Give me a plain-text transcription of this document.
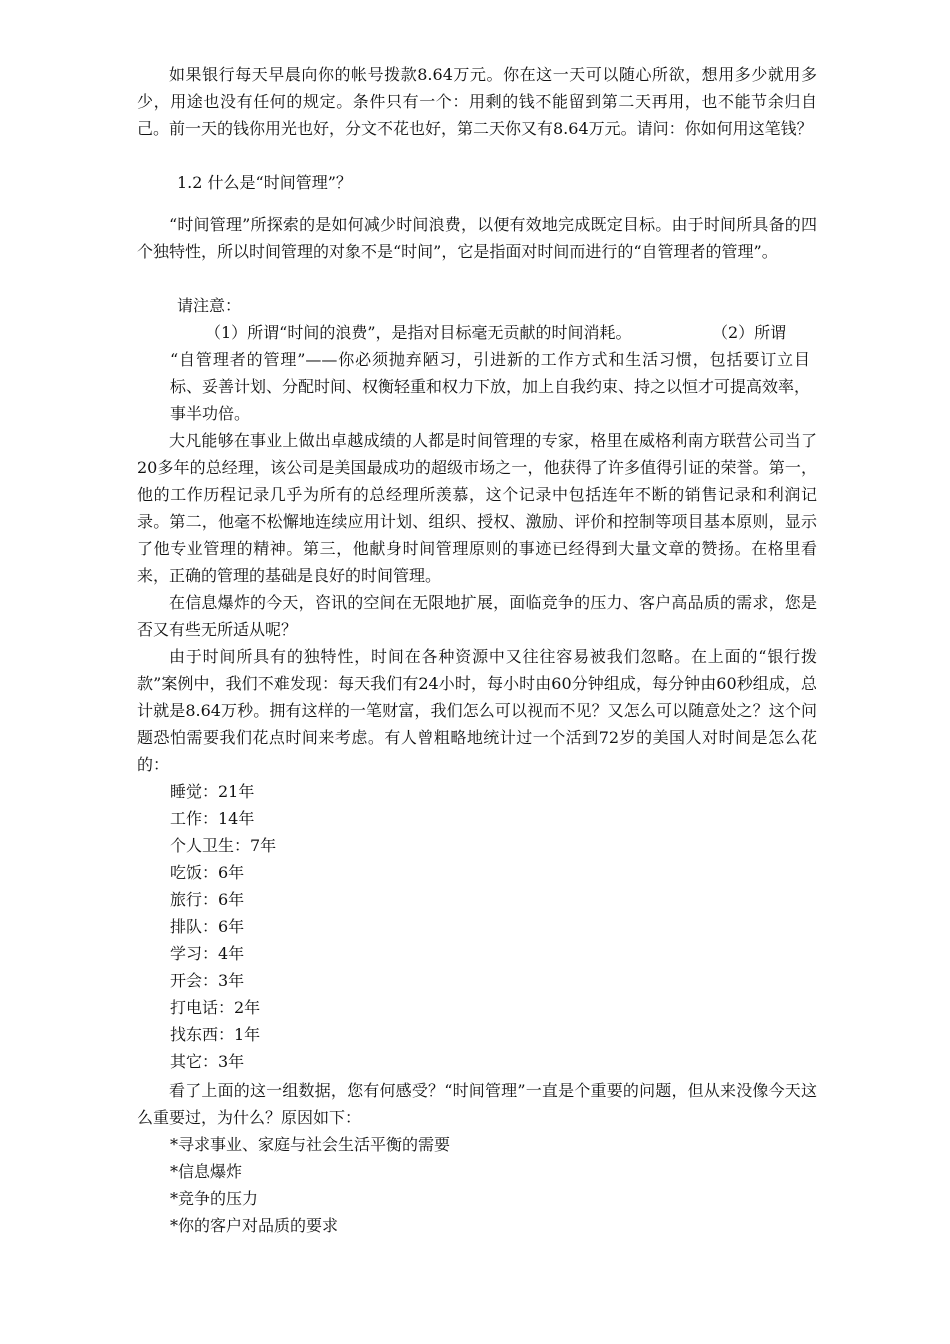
如果银行每天早晨向你的帐号拨款8.64万元。你在这一天可以随心所欲，想用多少就用多少，用途也没有任何的规定。条件只有一个：用剩的钱不能留到第二天再用，也不能节余归自己。前一天的钱你用光也好，分文不花也好，第二天你又有8.64万元。请问：你如何用这笔钱？

1.2 什么是“时间管理”？

“时间管理”所探索的是如何减少时间浪费，以便有效地完成既定目标。由于时间所具备的四个独特性，所以时间管理的对象不是“时间”，它是指面对时间而进行的“自管理者的管理”。

请注意：

（1）所谓“时间的浪费”，是指对目标毫无贡献的时间消耗。	（2）所谓

“自管理者的管理”——你必须抛弃陋习，引进新的工作方式和生活习惯，包括要订立目标、妥善计划、分配时间、权衡轻重和权力下放，加上自我约束、持之以恒才可提高效率，事半功倍。

大凡能够在事业上做出卓越成绩的人都是时间管理的专家，格里在威格利南方联营公司当了20多年的总经理，该公司是美国最成功的超级市场之一，他获得了许多值得引证的荣誉。第一，他的工作历程记录几乎为所有的总经理所羡慕，这个记录中包括连年不断的销售记录和利润记录。第二，他毫不松懈地连续应用计划、组织、授权、激励、评价和控制等项目基本原则，显示了他专业管理的精神。第三，他献身时间管理原则的事迹已经得到大量文章的赞扬。在格里看来，正确的管理的基础是良好的时间管理。

在信息爆炸的今天，咨讯的空间在无限地扩展，面临竞争的压力、客户高品质的需求，您是否又有些无所适从呢？

由于时间所具有的独特性，时间在各种资源中又往往容易被我们忽略。在上面的“银行拨款”案例中，我们不难发现：每天我们有24小时，每小时由60分钟组成，每分钟由60秒组成，总计就是8.64万秒。拥有这样的一笔财富，我们怎么可以视而不见？又怎么可以随意处之？这个问题恐怕需要我们花点时间来考虑。有人曾粗略地统计过一个活到72岁的美国人对时间是怎么花的：

睡觉：21年

工作：14年

个人卫生：7年

吃饭：6年

旅行：6年

排队：6年

学习：4年

开会：3年

打电话：2年

找东西：1年

其它：3年

看了上面的这一组数据，您有何感受？“时间管理”一直是个重要的问题，但从来没像今天这么重要过，为什么？原因如下：

*寻求事业、家庭与社会生活平衡的需要

*信息爆炸

*竞争的压力

*你的客户对品质的要求
